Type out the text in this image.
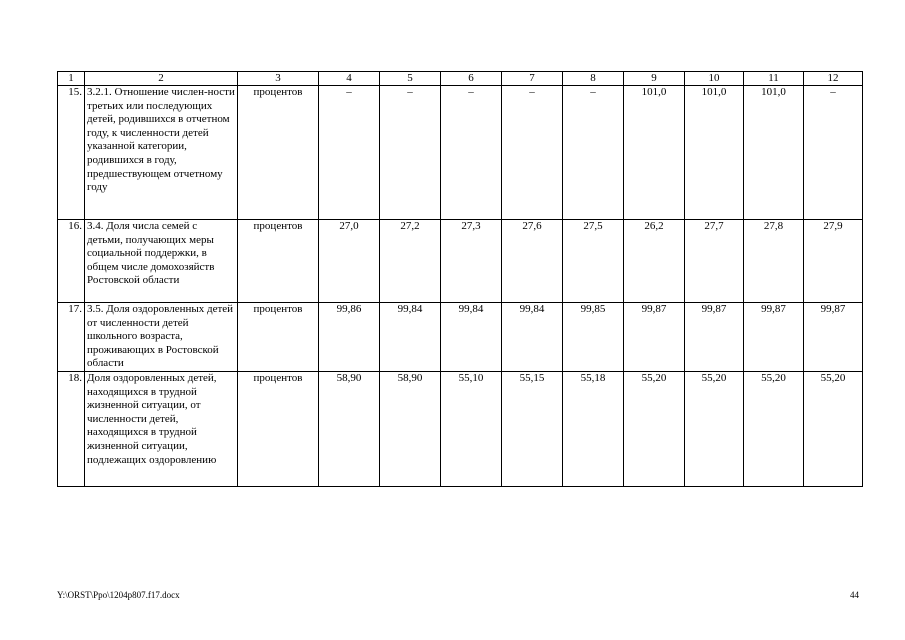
1	2	3	4	5	6	7	8	9	10	11	12
15.	3.2.1. Отношение числен-ности третьих или последующих детей, родившихся в отчетном году, к численности детей указанной категории, родившихся в году, предшествующем отчетному году	процентов	–	–	–	–	–	101,0	101,0	101,0	–
16.	3.4. Доля числа семей с детьми, получающих меры социальной поддержки, в общем числе домохозяйств Ростовской области	процентов	27,0	27,2	27,3	27,6	27,5	26,2	27,7	27,8	27,9
17.	3.5. Доля оздоровленных детей от численности детей школьного возраста, проживающих в Ростовской области	процентов	99,86	99,84	99,84	99,84	99,85	99,87	99,87	99,87	99,87
18.	Доля оздоровленных детей, находящихся в трудной жизненной ситуации, от численности детей, находящихся в трудной жизненной ситуации, подлежащих оздоровлению	процентов	58,90	58,90	55,10	55,15	55,18	55,20	55,20	55,20	55,20
Y:\ORST\Ppo\1204p807.f17.docx	44
